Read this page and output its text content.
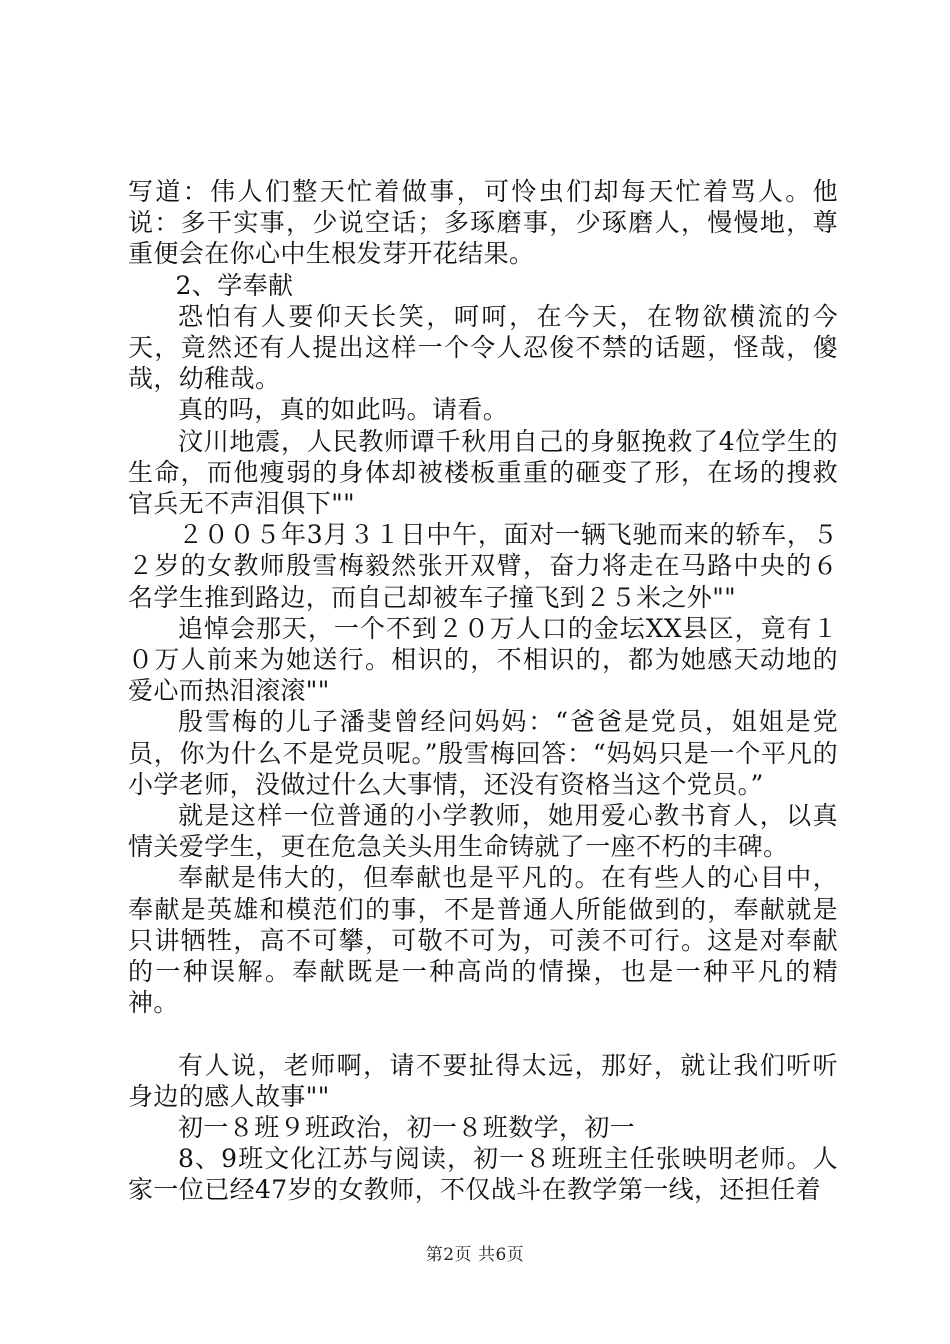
写道：伟人们整天忙着做事，可怜虫们却每天忙着骂人。他说：多干实事，少说空话；多琢磨事，少琢磨人，慢慢地，尊重便会在你心中生根发芽开花结果。

2、学奉献

恐怕有人要仰天长笑，呵呵，在今天，在物欲横流的今天，竟然还有人提出这样一个令人忍俊不禁的话题，怪哉，傻哉，幼稚哉。

真的吗，真的如此吗。请看。

汶川地震，人民教师谭千秋用自己的身躯挽救了4位学生的生命，而他瘦弱的身体却被楼板重重的砸变了形，在场的搜救官兵无不声泪俱下""

２００５年3月３１日中午，面对一辆飞驰而来的轿车，５２岁的女教师殷雪梅毅然张开双臂，奋力将走在马路中央的６名学生推到路边，而自己却被车子撞飞到２５米之外""

追悼会那天，一个不到２０万人口的金坛XX县区，竟有１０万人前来为她送行。相识的，不相识的，都为她感天动地的爱心而热泪滚滚""

殷雪梅的儿子潘斐曾经问妈妈：“爸爸是党员，姐姐是党员，你为什么不是党员呢。”殷雪梅回答：“妈妈只是一个平凡的小学老师，没做过什么大事情，还没有资格当这个党员。”

就是这样一位普通的小学教师，她用爱心教书育人，以真情关爱学生，更在危急关头用生命铸就了一座不朽的丰碑。

奉献是伟大的，但奉献也是平凡的。在有些人的心目中，奉献是英雄和模范们的事，不是普通人所能做到的，奉献就是只讲牺牲，高不可攀，可敬不可为，可羡不可行。这是对奉献的一种误解。奉献既是一种高尚的情操，也是一种平凡的精神。

有人说，老师啊，请不要扯得太远，那好，就让我们听听身边的感人故事""

初一８班９班政治，初一８班数学，初一

8、9班文化江苏与阅读，初一８班班主任张映明老师。人家一位已经47岁的女教师，不仅战斗在教学第一线，还担任着

第2页 共6页
